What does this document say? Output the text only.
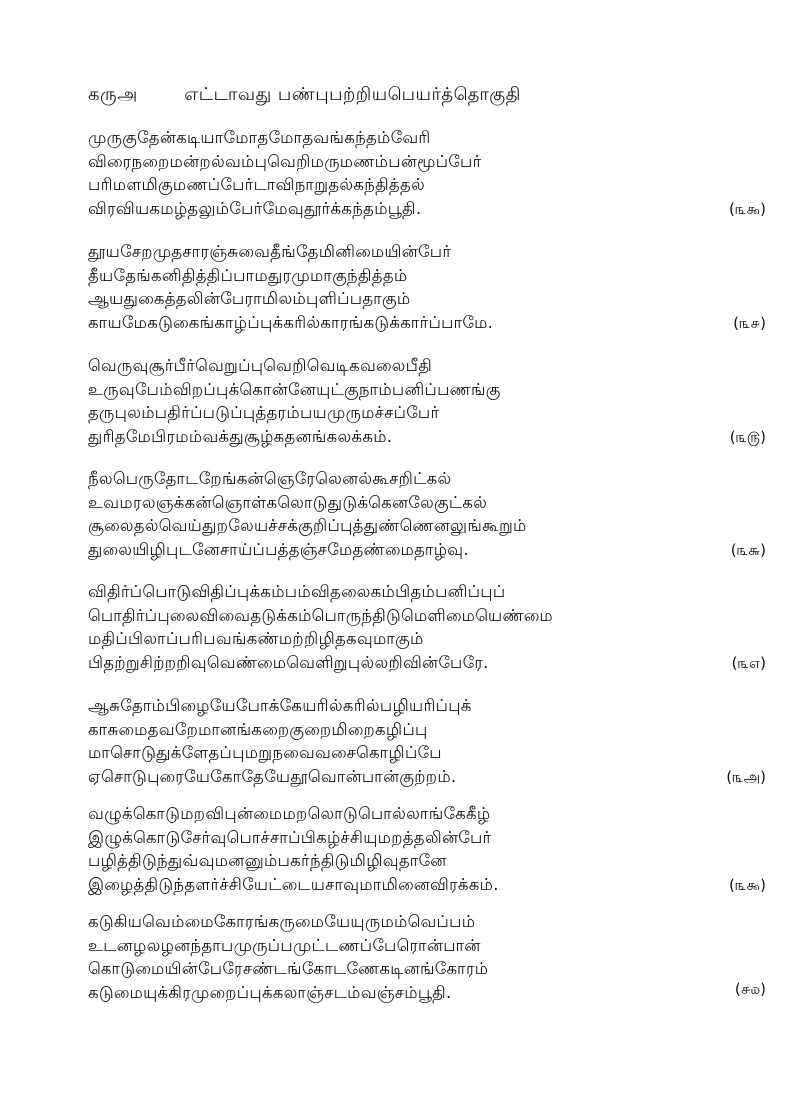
கருஅ	எட்டாவது பண்புபற்றியபெயர்த்தொகுதி
முருகுதேன்கடியாமோதமோதவங்கந்தம்வேரி
விரைநறைமன்றல்வம்புவெறிமருமணம்பன்மூப்பேர்
பரிமளமிகுமணப்பேர்டாவிநாறுதல்கந்தித்தல்
விரவியகமழ்தலும்பேர்மேவுதூர்க்கந்தம்பூதி.	(௩௯)
தூயசேறமுதசாரஞ்சுவைதீங்தேமினிமையின்பேர்
தீயதேங்கனிதித்திப்பாமதுரமுமாகுந்தித்தம்
ஆயதுகைத்தலின்பேராமிலம்புளிப்பதாகும்
காயமேகடுகைங்காழ்ப்புக்கரில்காரங்கடுக்கார்ப்பாமே.	(௩௪)
வெருவுசூர்பீர்வெறுப்புவெறிவெடிகவலைபீதி
உருவுபேம்விறப்புக்கொன்னேயுட்குநாம்பனிப்பணங்கு
தருபுலம்பதிர்ப்படுப்புத்தரம்பயமுருமச்சப்பேர்
துரிதமேபிரமம்வக்துசூழ்கதனங்கலக்கம்.	(௩௫)
நீலபெருதோடறேங்கன்ஞெரேலெனல்கூசறிட்கல்
உவமரலஞக்கன்ஞொள்கலொடுதுடுக்கெனலேகுட்கல்
சூலைதல்வெய்துறலேயச்சக்குறிப்புத்துண்ணெனலுங்கூறும்
துலையிழிபுடனேசாய்ப்பத்தஞ்சமேதண்மைதாழ்வு.	(௩௬)
விதிர்ப்பொடுவிதிப்புக்கம்பம்விதலைகம்பிதம்பனிப்புப்
பொதிர்ப்புலைவிவைதடுக்கம்பொருந்திடுமெளிமையெண்மை
மதிப்பிலாப்பரிபவங்கண்மற்றிழிதகவுமாகும்
பிதற்றுசிற்றறிவுவெண்மைவெளிறுபுல்லறிவின்பேரே.	(௩௭)
ஆசுதோம்பிழையேபோக்கேயரில்கரில்பழியரிப்புக்
காசுமைதவறேமானங்கறைகுறைமிறைகழிப்பு
மாசொடுதுக்ளேதப்புமறுநவைவசைகொழிப்பே
ஏசொடுபுரையேகோதேயேதூவொன்பான்குற்றம்.	(௩அ)
வழுக்கொடுமறவிபுன்மைமறலொடுபொல்லாங்கேகீழ்
இழுக்கொடுசேர்வுபொச்சாப்பிகழ்ச்சியுமறத்தலின்பேர்
பழித்திடுந்துவ்வுமனனும்பகர்ந்திடுமிழிவுதானே
இழைத்திடுந்தளர்ச்சியேட்டையசாவுமாமினைவிரக்கம்.	(௩௯)
கடுகியவெம்மைகோரங்கருமையேயுருமம்வெப்பம்
உடனழலழனந்தாபமுருப்பமுட்டணப்பேரொன்பான்
கொடுமையின்பேரேசண்டங்கோடணேகடினங்கோரம்
கடுமையுக்கிரமுறைப்புக்கலாஞ்சடம்வஞ்சம்பூதி.	(௪௰)
